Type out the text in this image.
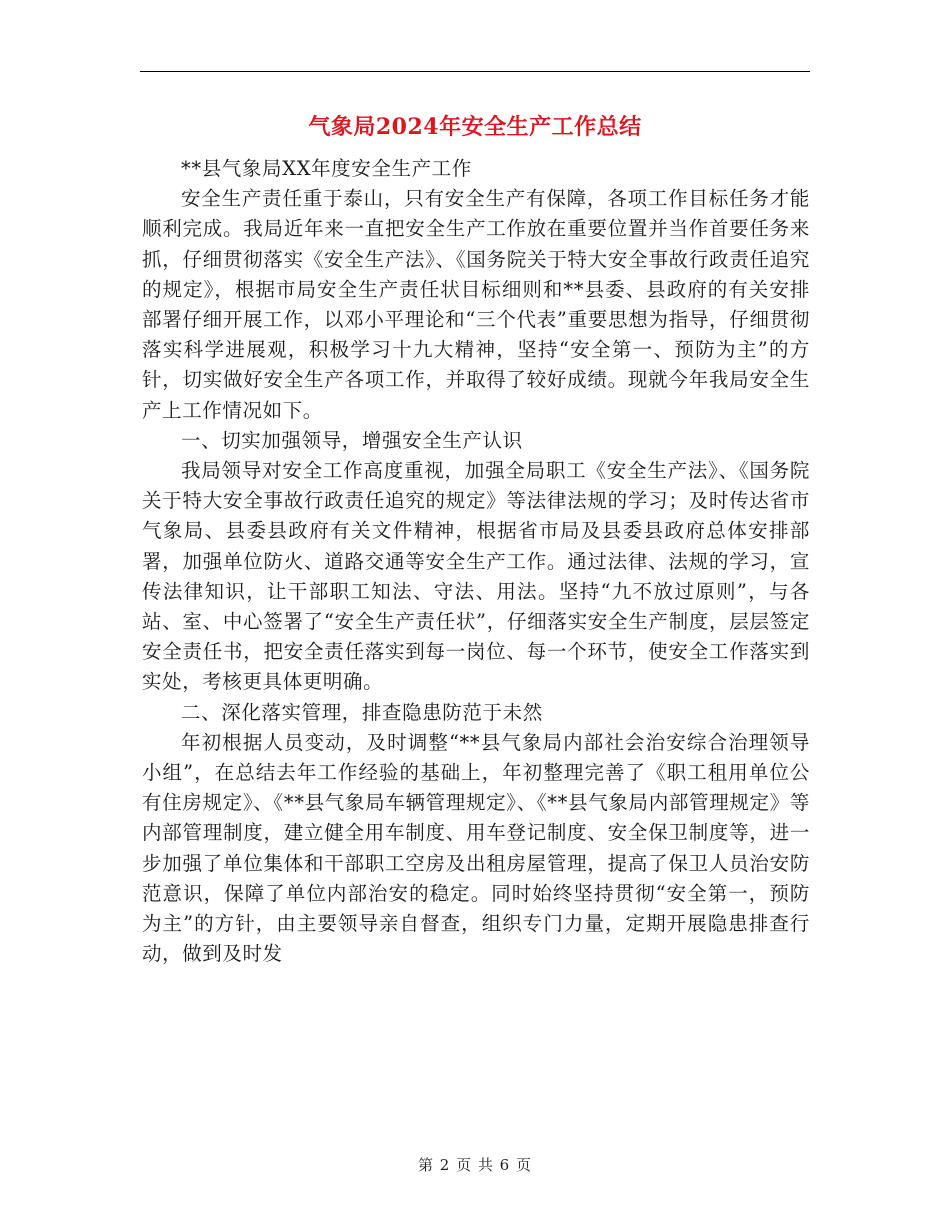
气象局2024年安全生产工作总结

**县气象局XX年度安全生产工作

安全生产责任重于泰山，只有安全生产有保障，各项工作目标任务才能顺利完成。我局近年来一直把安全生产工作放在重要位置并当作首要任务来抓，仔细贯彻落实《安全生产法》、《国务院关于特大安全事故行政责任追究的规定》，根据市局安全生产责任状目标细则和**县委、县政府的有关安排部署仔细开展工作，以邓小平理论和“三个代表”重要思想为指导，仔细贯彻落实科学进展观，积极学习十九大精神，坚持“安全第一、预防为主”的方针，切实做好安全生产各项工作，并取得了较好成绩。现就今年我局安全生产上工作情况如下。

一、切实加强领导，增强安全生产认识

我局领导对安全工作高度重视，加强全局职工《安全生产法》、《国务院关于特大安全事故行政责任追究的规定》等法律法规的学习；及时传达省市气象局、县委县政府有关文件精神，根据省市局及县委县政府总体安排部署，加强单位防火、道路交通等安全生产工作。通过法律、法规的学习，宣传法律知识，让干部职工知法、守法、用法。坚持“九不放过原则”，与各站、室、中心签署了“安全生产责任状”，仔细落实安全生产制度，层层签定安全责任书，把安全责任落实到每一岗位、每一个环节，使安全工作落实到实处，考核更具体更明确。

二、深化落实管理，排查隐患防范于未然

年初根据人员变动，及时调整“**县气象局内部社会治安综合治理领导小组”，在总结去年工作经验的基础上，年初整理完善了《职工租用单位公有住房规定》、《**县气象局车辆管理规定》、《**县气象局内部管理规定》等内部管理制度，建立健全用车制度、用车登记制度、安全保卫制度等，进一步加强了单位集体和干部职工空房及出租房屋管理，提高了保卫人员治安防范意识，保障了单位内部治安的稳定。同时始终坚持贯彻“安全第一，预防为主”的方针，由主要领导亲自督查，组织专门力量，定期开展隐患排查行动，做到及时发

第 2 页 共 6 页
